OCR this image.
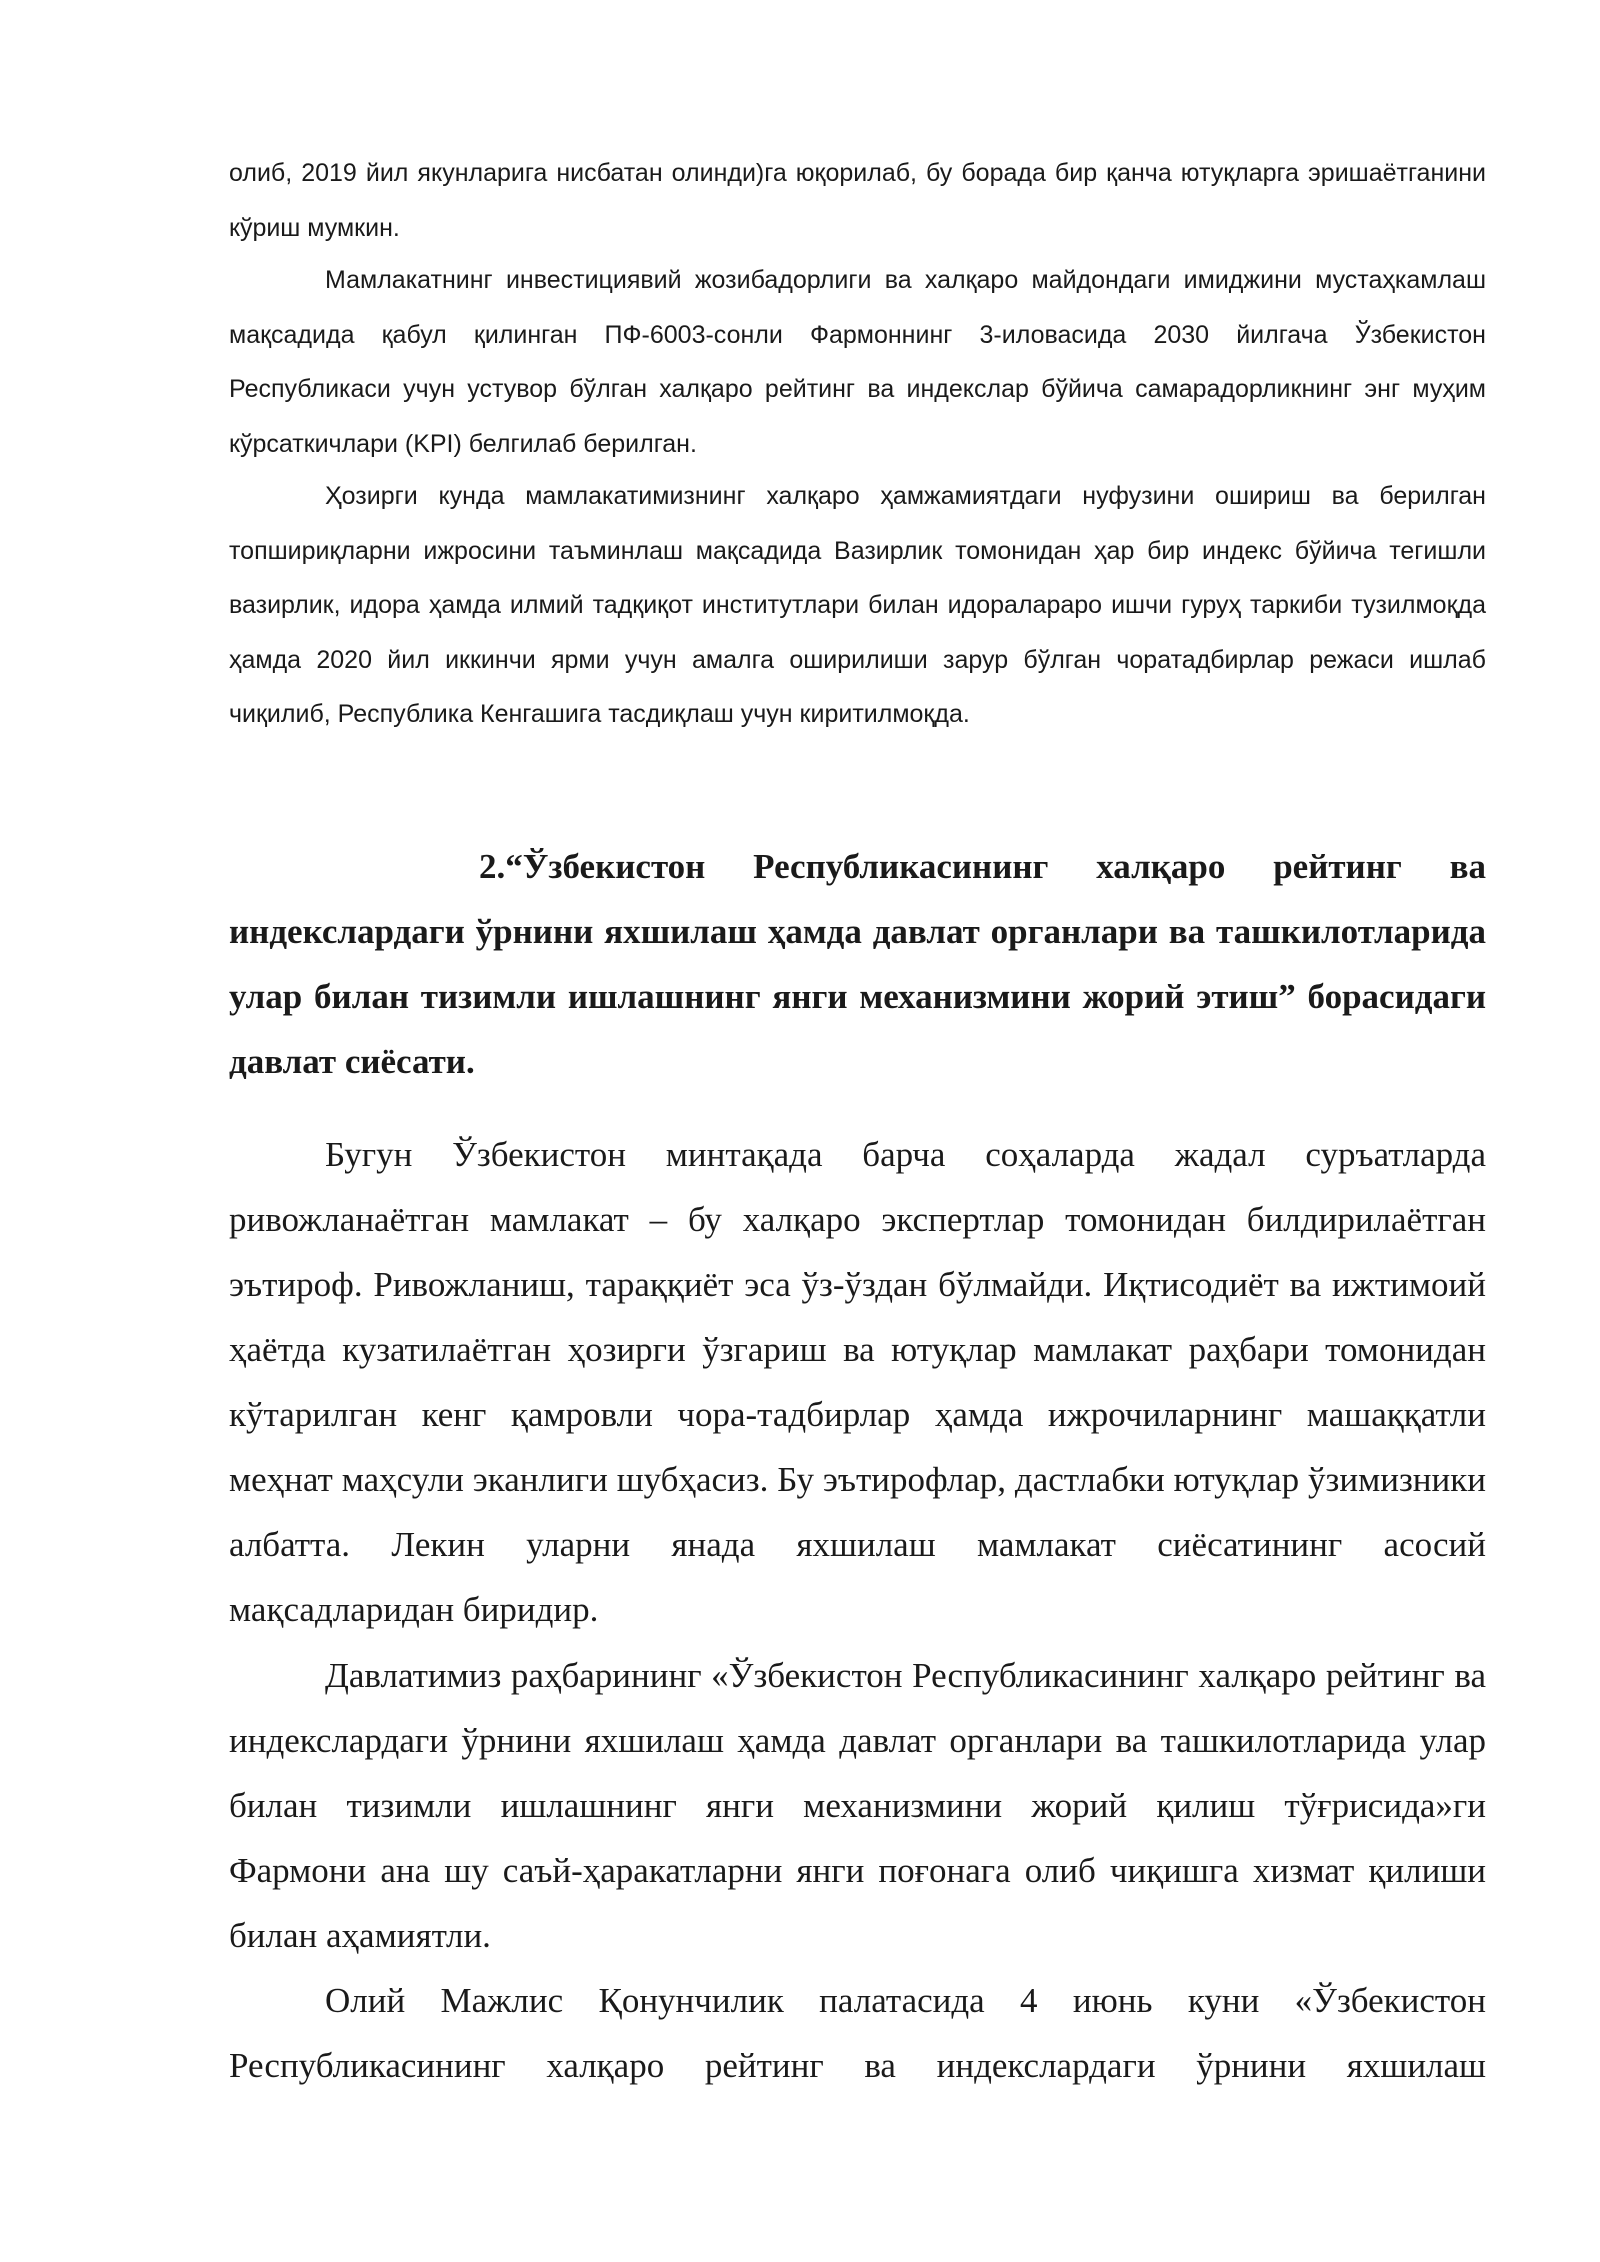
олиб, 2019 йил якунларига нисбатан олинди)га юқорилаб, бу борада бир қанча ютуқларга эришаётганини кўриш мумкин.

Мамлакатнинг инвестициявий жозибадорлиги ва халқаро майдондаги имиджини мустаҳкамлаш мақсадида қабул қилинган ПФ-6003-сонли Фармоннинг 3-иловасида 2030 йилгача Ўзбекистон Республикаси учун устувор бўлган халқаро рейтинг ва индекслар бўйича самарадорликнинг энг муҳим кўрсаткичлари (KPI) белгилаб берилган.

Ҳозирги кунда мамлакатимизнинг халқаро ҳамжамиятдаги нуфузини ошириш ва берилган топшириқларни ижросини таъминлаш мақсадида Вазирлик томонидан ҳар бир индекс бўйича тегишли вазирлик, идора ҳамда илмий тадқиқот институтлари билан идоралараро ишчи гуруҳ таркиби тузилмоқда ҳамда 2020 йил иккинчи ярми учун амалга оширилиши зарур бўлган чоратадбирлар режаси ишлаб чиқилиб, Республика Кенгашига тасдиқлаш учун киритилмоқда.

2.“Ўзбекистон Республикасининг халқаро рейтинг ва индекслардаги ўрнини яхшилаш ҳамда давлат органлари ва ташкилотларида улар билан тизимли ишлашнинг янги механизмини жорий этиш” борасидаги давлат сиёсати.

Бугун Ўзбекистон минтақада барча соҳаларда жадал суръатларда ривожланаётган мамлакат – бу халқаро экспертлар томонидан билдирилаётган эътироф. Ривожланиш, тараққиёт эса ўз-ўздан бўлмайди. Иқтисодиёт ва ижтимоий ҳаётда кузатилаётган ҳозирги ўзгариш ва ютуқлар мамлакат раҳбари томонидан кўтарилган кенг қамровли чора-тадбирлар ҳамда ижрочиларнинг машаққатли меҳнат маҳсули эканлиги шубҳасиз. Бу эътирофлар, дастлабки ютуқлар ўзимизники албатта. Лекин уларни янада яхшилаш мамлакат сиёсатининг асосий мақсадларидан биридир.

Давлатимиз раҳбарининг «Ўзбекистон Республикасининг халқаро рейтинг ва индекслардаги ўрнини яхшилаш ҳамда давлат органлари ва ташкилотларида улар билан тизимли ишлашнинг янги механизмини жорий қилиш тўғрисида»ги Фармони ана шу саъй-ҳаракатларни янги поғонага олиб чиқишга хизмат қилиши билан аҳамиятли.

Олий Мажлис Қонунчилик палатасида 4 июнь куни «Ўзбекистон Республикасининг халқаро рейтинг ва индекслардаги ўрнини яхшилаш
